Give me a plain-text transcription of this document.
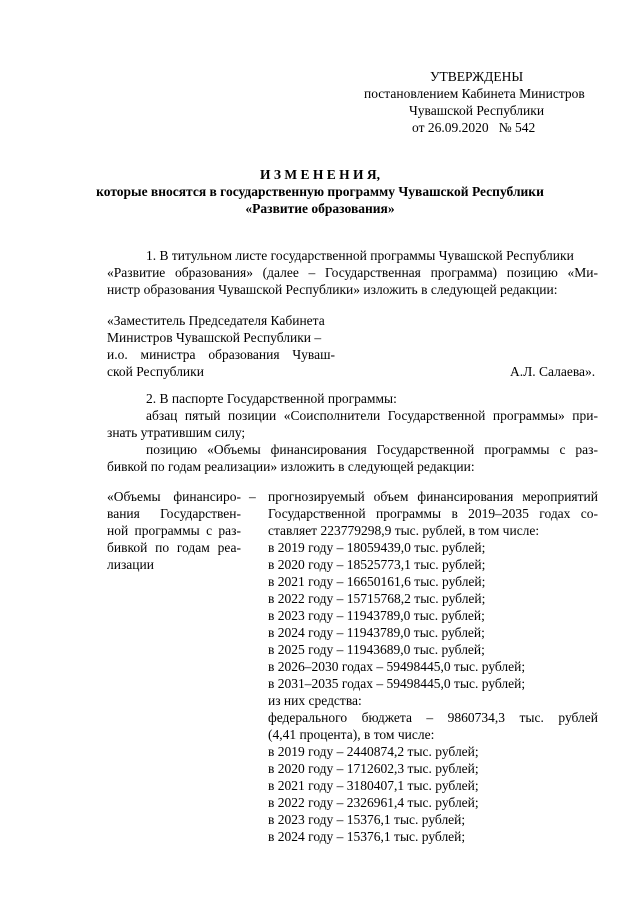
УТВЕРЖДЕНЫ
постановлением Кабинета Министров
Чувашской Республики
от 26.09.2020   № 542
И З М Е Н Е Н И Я,
которые вносятся в государственную программу Чувашской Республики
«Развитие образования»
1. В титульном листе государственной программы Чувашской Республики
«Развитие образования» (далее – Государственная программа) позицию «Ми-
нистр образования Чувашской Республики» изложить в следующей редакции:
«Заместитель Председателя Кабинета
Министров Чувашской Республики –
и.о. министра образования Чуваш-
ской Республики	А.Л. Салаева».
2. В паспорте Государственной программы:
абзац пятый позиции «Соисполнители Государственной программы» при-
знать утратившим силу;
позицию «Объемы финансирования Государственной программы с раз-
бивкой по годам реализации» изложить в следующей редакции:
«Объемы финансиро-
вания Государствен-
ной программы с раз-
бивкой по годам реа-
лизации
– прогнозируемый объем финансирования мероприятий
Государственной программы в 2019–2035 годах со-
ставляет 223779298,9 тыс. рублей, в том числе:
в 2019 году – 18059439,0 тыс. рублей;
в 2020 году – 18525773,1 тыс. рублей;
в 2021 году – 16650161,6 тыс. рублей;
в 2022 году – 15715768,2 тыс. рублей;
в 2023 году – 11943789,0 тыс. рублей;
в 2024 году – 11943789,0 тыс. рублей;
в 2025 году – 11943689,0 тыс. рублей;
в 2026–2030 годах – 59498445,0 тыс. рублей;
в 2031–2035 годах – 59498445,0 тыс. рублей;
из них средства:
федерального бюджета – 9860734,3 тыс. рублей
(4,41 процента), в том числе:
в 2019 году – 2440874,2 тыс. рублей;
в 2020 году – 1712602,3 тыс. рублей;
в 2021 году – 3180407,1 тыс. рублей;
в 2022 году – 2326961,4 тыс. рублей;
в 2023 году – 15376,1 тыс. рублей;
в 2024 году – 15376,1 тыс. рублей;
